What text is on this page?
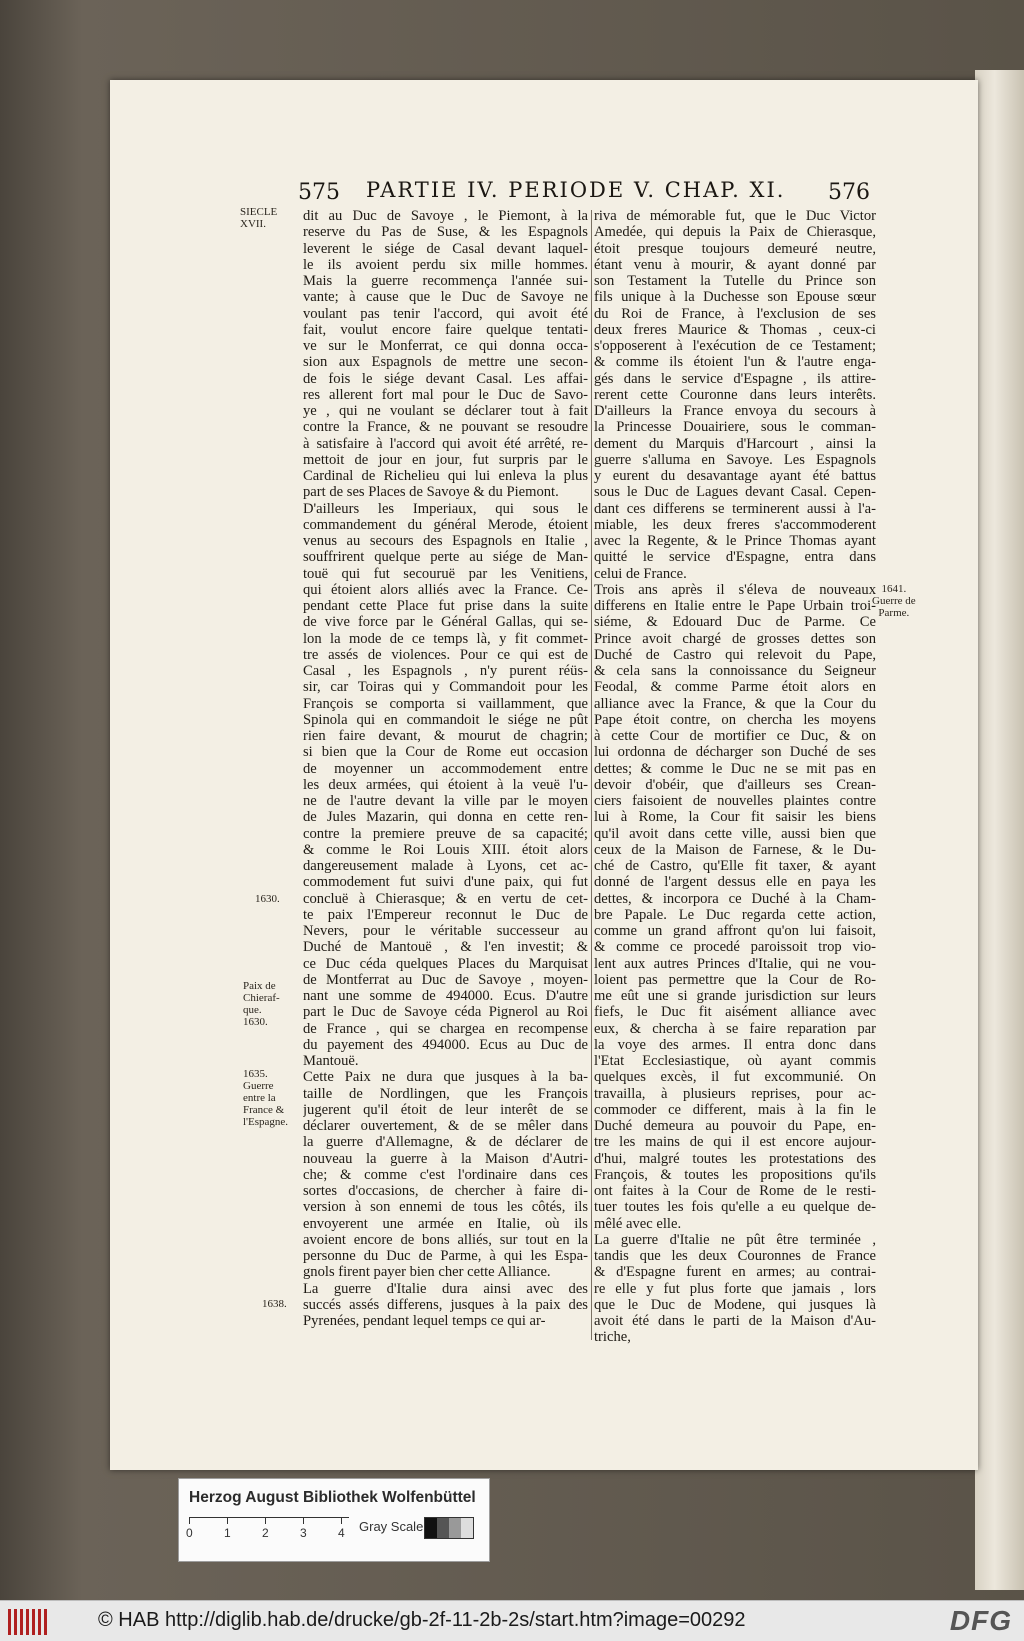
575 PARTIE IV. PERIODE V. CHAP. XI. 576
SIECLE
XVII.
1630.
Paix de
Chieraf-
que.
1630.
1635.
Guerre
entre la
France &
l'Espagne.
1638.
1641.
Guerre de
Parme.
dit au Duc de Savoye , le Piemont, à la
reserve du Pas de Suse, & les Espagnols
leverent le siége de Casal devant laquel-
le ils avoient perdu six mille hommes.
Mais la guerre recommença l'année sui-
vante; à cause que le Duc de Savoye ne
voulant pas tenir l'accord, qui avoit été
fait, voulut encore faire quelque tentati-
ve sur le Monferrat, ce qui donna occa-
sion aux Espagnols de mettre une secon-
de fois le siége devant Casal. Les affai-
res allerent fort mal pour le Duc de Savo-
ye , qui ne voulant se déclarer tout à fait
contre la France, & ne pouvant se resoudre
à satisfaire à l'accord qui avoit été arrêté, re-
mettoit de jour en jour, fut surpris par le
Cardinal de Richelieu qui lui enleva la plus
part de ses Places de Savoye & du Piemont.
D'ailleurs les Imperiaux, qui sous le
commandement du général Merode, étoient
venus au secours des Espagnols en Italie ,
souffrirent quelque perte au siége de Man-
touë qui fut secouruë par les Venitiens,
qui étoient alors alliés avec la France. Ce-
pendant cette Place fut prise dans la suite
de vive force par le Général Gallas, qui se-
lon la mode de ce temps là, y fit commet-
tre assés de violences. Pour ce qui est de
Casal , les Espagnols , n'y purent réüs-
sir, car Toiras qui y Commandoit pour les
François se comporta si vaillamment, que
Spinola qui en commandoit le siége ne pût
rien faire devant, & mourut de chagrin;
si bien que la Cour de Rome eut occasion
de moyenner un accommodement entre
les deux armées, qui étoient à la veuë l'u-
ne de l'autre devant la ville par le moyen
de Jules Mazarin, qui donna en cette ren-
contre la premiere preuve de sa capacité;
& comme le Roi Louis XIII. étoit alors
dangereusement malade à Lyons, cet ac-
commodement fut suivi d'une paix, qui fut
concluë à Chierasque; & en vertu de cet-
te paix l'Empereur reconnut le Duc de
Nevers, pour le véritable successeur au
Duché de Mantouë , & l'en investit; &
ce Duc céda quelques Places du Marquisat
de Montferrat au Duc de Savoye , moyen-
nant une somme de 494000. Ecus. D'autre
part le Duc de Savoye céda Pignerol au Roi
de France , qui se chargea en recompense
du payement des 494000. Ecus au Duc de
Mantouë.
Cette Paix ne dura que jusques à la ba-
taille de Nordlingen, que les François
jugerent qu'il étoit de leur interêt de se
déclarer ouvertement, & de se mêler dans
la guerre d'Allemagne, & de déclarer de
nouveau la guerre à la Maison d'Autri-
che; & comme c'est l'ordinaire dans ces
sortes d'occasions, de chercher à faire di-
version à son ennemi de tous les côtés, ils
envoyerent une armée en Italie, où ils
avoient encore de bons alliés, sur tout en la
personne du Duc de Parme, à qui les Espa-
gnols firent payer bien cher cette Alliance.
La guerre d'Italie dura ainsi avec des
succés assés differens, jusques à la paix des
Pyrenées, pendant lequel temps ce qui ar-
riva de mémorable fut, que le Duc Victor
Amedée, qui depuis la Paix de Chierasque,
étoit presque toujours demeuré neutre,
étant venu à mourir, & ayant donné par
son Testament la Tutelle du Prince son
fils unique à la Duchesse son Epouse sœur
du Roi de France, à l'exclusion de ses
deux freres Maurice & Thomas , ceux-ci
s'opposerent à l'exécution de ce Testament;
& comme ils étoient l'un & l'autre enga-
gés dans le service d'Espagne , ils attire-
rerent cette Couronne dans leurs interêts.
D'ailleurs la France envoya du secours à
la Princesse Douairiere, sous le comman-
dement du Marquis d'Harcourt , ainsi la
guerre s'alluma en Savoye. Les Espagnols
y eurent du desavantage ayant été battus
sous le Duc de Lagues devant Casal. Cepen-
dant ces differens se terminerent aussi à l'a-
miable, les deux freres s'accommoderent
avec la Regente, & le Prince Thomas ayant
quitté le service d'Espagne, entra dans
celui de France.
Trois ans après il s'éleva de nouveaux
differens en Italie entre le Pape Urbain troi-
siéme, & Edouard Duc de Parme. Ce
Prince avoit chargé de grosses dettes son
Duché de Castro qui relevoit du Pape,
& cela sans la connoissance du Seigneur
Feodal, & comme Parme étoit alors en
alliance avec la France, & que la Cour du
Pape étoit contre, on chercha les moyens
à cette Cour de mortifier ce Duc, & on
lui ordonna de décharger son Duché de ses
dettes; & comme le Duc ne se mit pas en
devoir d'obéir, que d'ailleurs ses Crean-
ciers faisoient de nouvelles plaintes contre
lui à Rome, la Cour fit saisir les biens
qu'il avoit dans cette ville, aussi bien que
ceux de la Maison de Farnese, & le Du-
ché de Castro, qu'Elle fit taxer, & ayant
donné de l'argent dessus elle en paya les
dettes, & incorpora ce Duché à la Cham-
bre Papale. Le Duc regarda cette action,
comme un grand affront qu'on lui faisoit,
& comme ce procedé paroissoit trop vio-
lent aux autres Princes d'Italie, qui ne vou-
loient pas permettre que la Cour de Ro-
me eût une si grande jurisdiction sur leurs
fiefs, le Duc fit aisément alliance avec
eux, & chercha à se faire reparation par
la voye des armes. Il entra donc dans
l'Etat Ecclesiastique, où ayant commis
quelques excès, il fut excommunié. On
travailla, à plusieurs reprises, pour ac-
commoder ce different, mais à la fin le
Duché demeura au pouvoir du Pape, en-
tre les mains de qui il est encore aujour-
d'hui, malgré toutes les protestations des
François, & toutes les propositions qu'ils
ont faites à la Cour de Rome de le resti-
tuer toutes les fois qu'elle a eu quelque de-
mêlé avec elle.
La guerre d'Italie ne pût être terminée ,
tandis que les deux Couronnes de France
& d'Espagne furent en armes; au contrai-
re elle y fut plus forte que jamais , lors
que le Duc de Modene, qui jusques là
avoit été dans le parti de la Maison d'Au-
triche,
Herzog August Bibliothek Wolfenbüttel
0	1	2	3	4 Gray Scale
© HAB http://diglib.hab.de/drucke/gb-2f-11-2b-2s/start.htm?image=00292	DFG
